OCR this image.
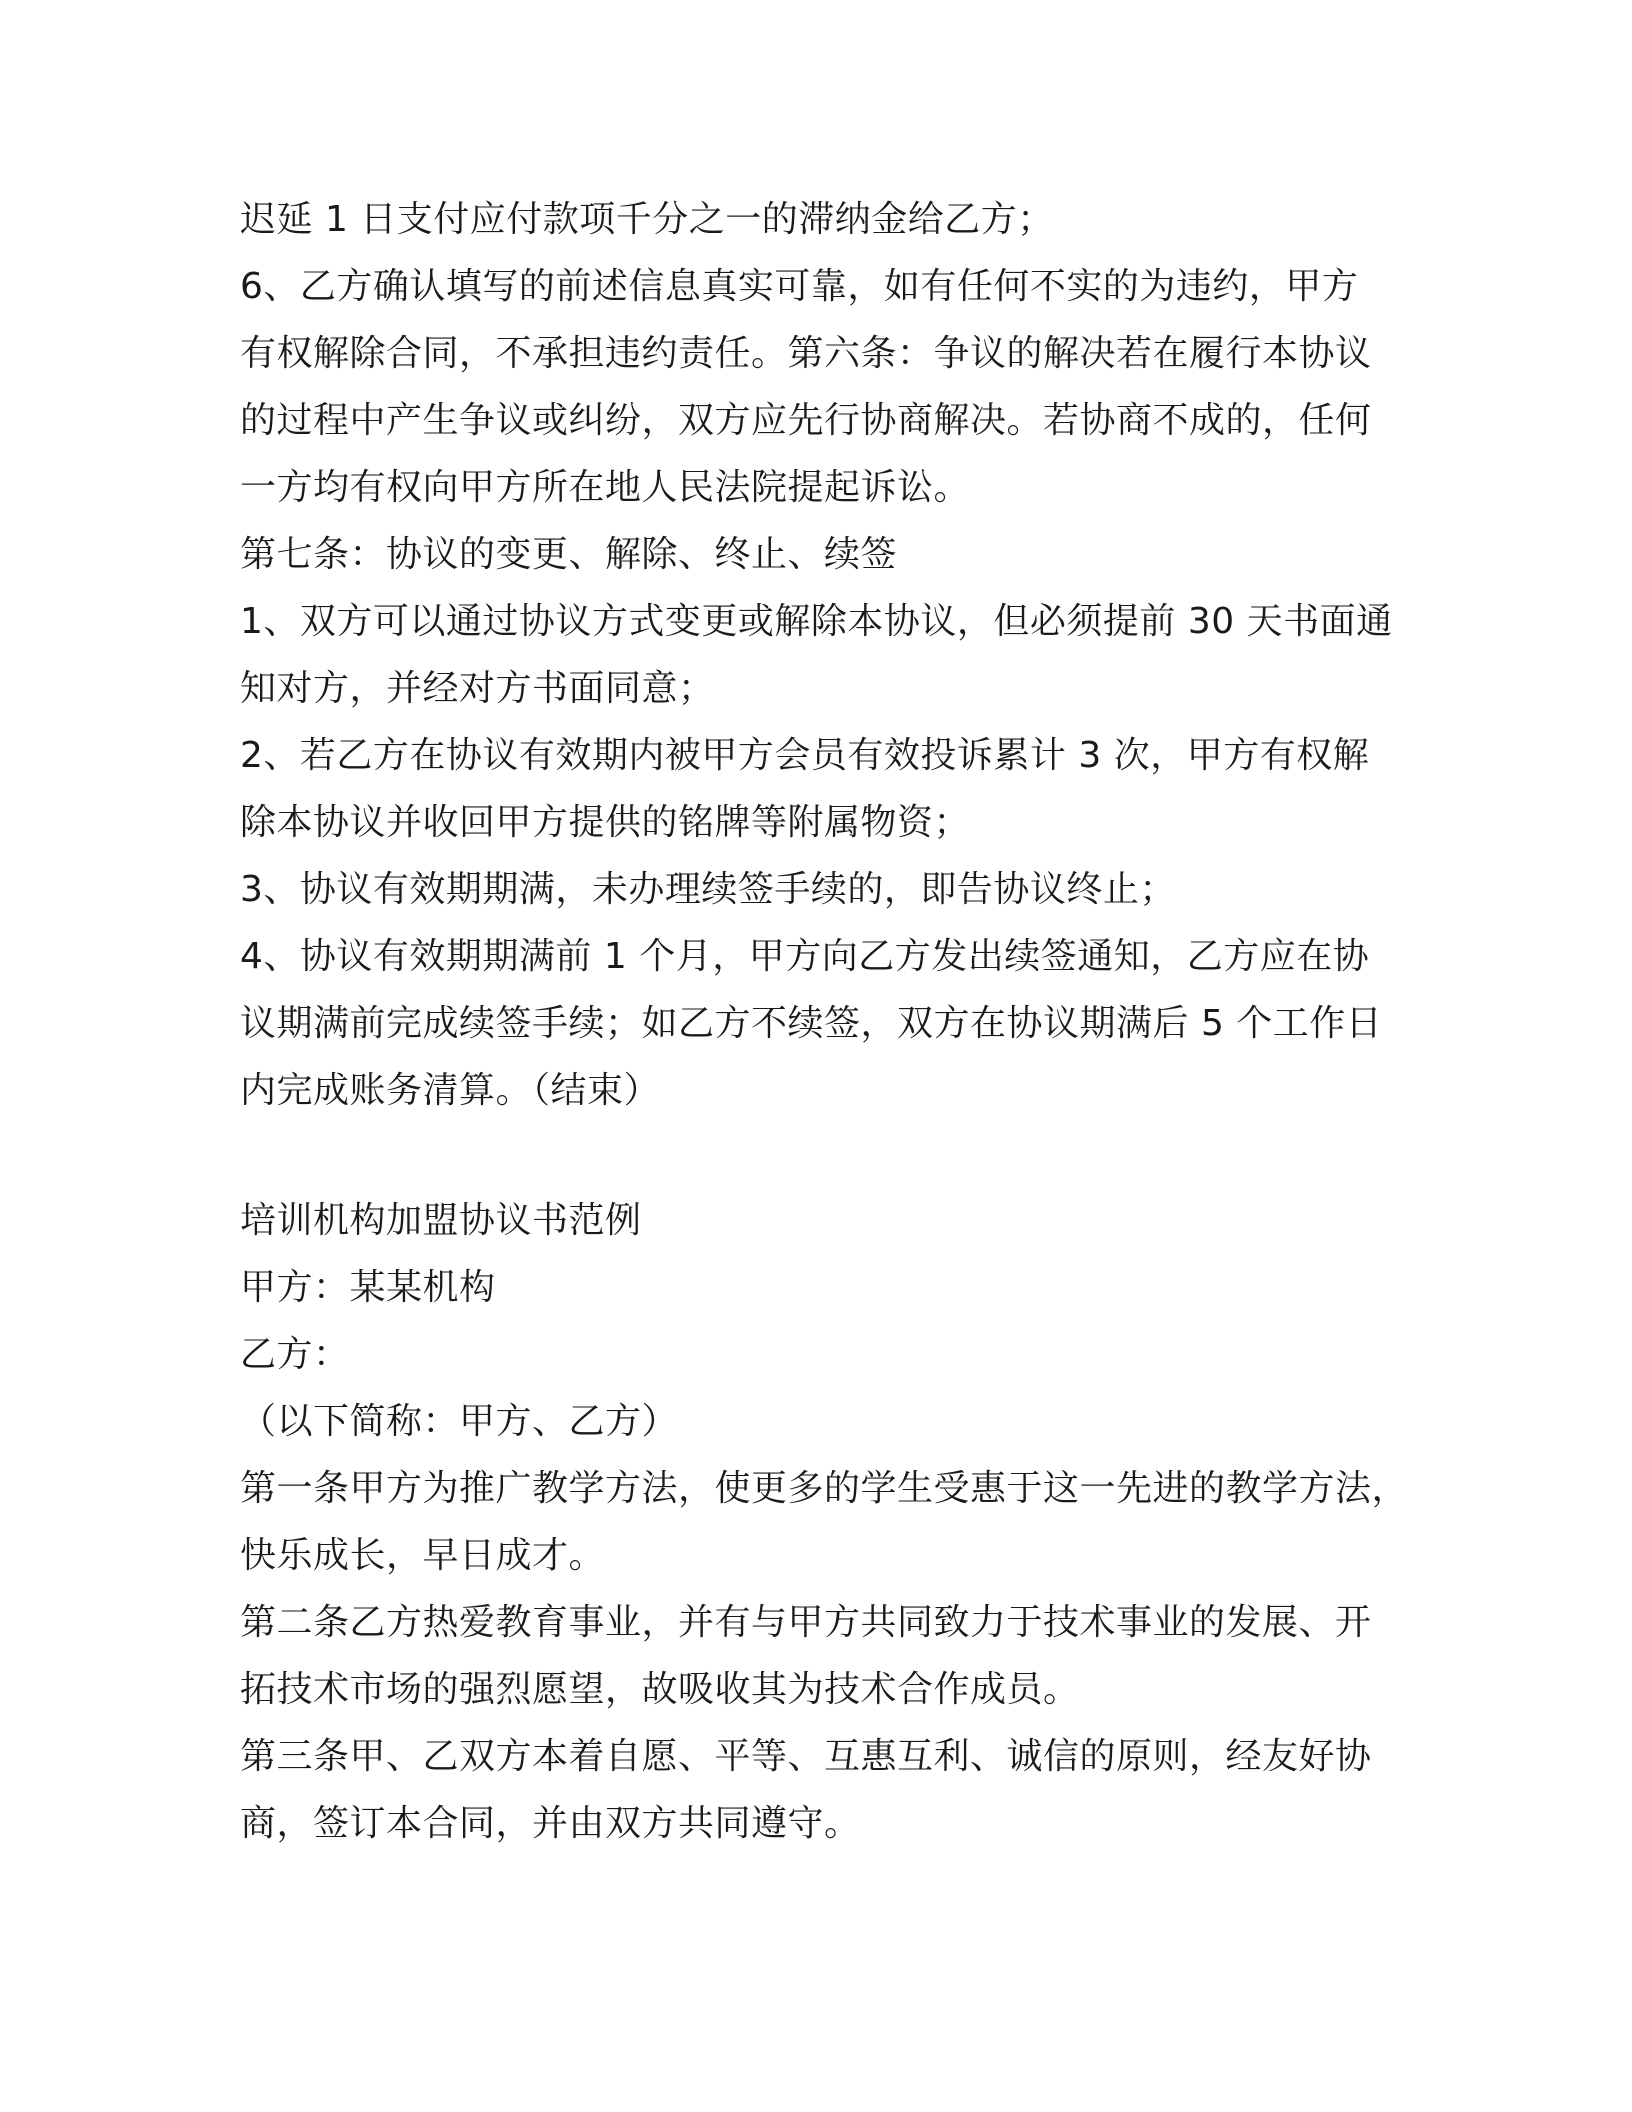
迟延 1 日支付应付款项千分之一的滞纳金给乙方；
6、乙方确认填写的前述信息真实可靠，如有任何不实的为违约，甲方
有权解除合同，不承担违约责任。第六条：争议的解决若在履行本协议
的过程中产生争议或纠纷，双方应先行协商解决。若协商不成的，任何
一方均有权向甲方所在地人民法院提起诉讼。
第七条：协议的变更、解除、终止、续签
1、双方可以通过协议方式变更或解除本协议，但必须提前 30 天书面通
知对方，并经对方书面同意；
2、若乙方在协议有效期内被甲方会员有效投诉累计 3 次，甲方有权解
除本协议并收回甲方提供的铭牌等附属物资；
3、协议有效期期满，未办理续签手续的，即告协议终止；
4、协议有效期期满前 1 个月，甲方向乙方发出续签通知，乙方应在协
议期满前完成续签手续；如乙方不续签，双方在协议期满后 5 个工作日
内完成账务清算。（结束）
培训机构加盟协议书范例
甲方：某某机构
乙方：
（以下简称：甲方、乙方）
第一条甲方为推广教学方法，使更多的学生受惠于这一先进的教学方法，
快乐成长，早日成才。
第二条乙方热爱教育事业，并有与甲方共同致力于技术事业的发展、开
拓技术市场的强烈愿望，故吸收其为技术合作成员。
第三条甲、乙双方本着自愿、平等、互惠互利、诚信的原则，经友好协
商，签订本合同，并由双方共同遵守。
